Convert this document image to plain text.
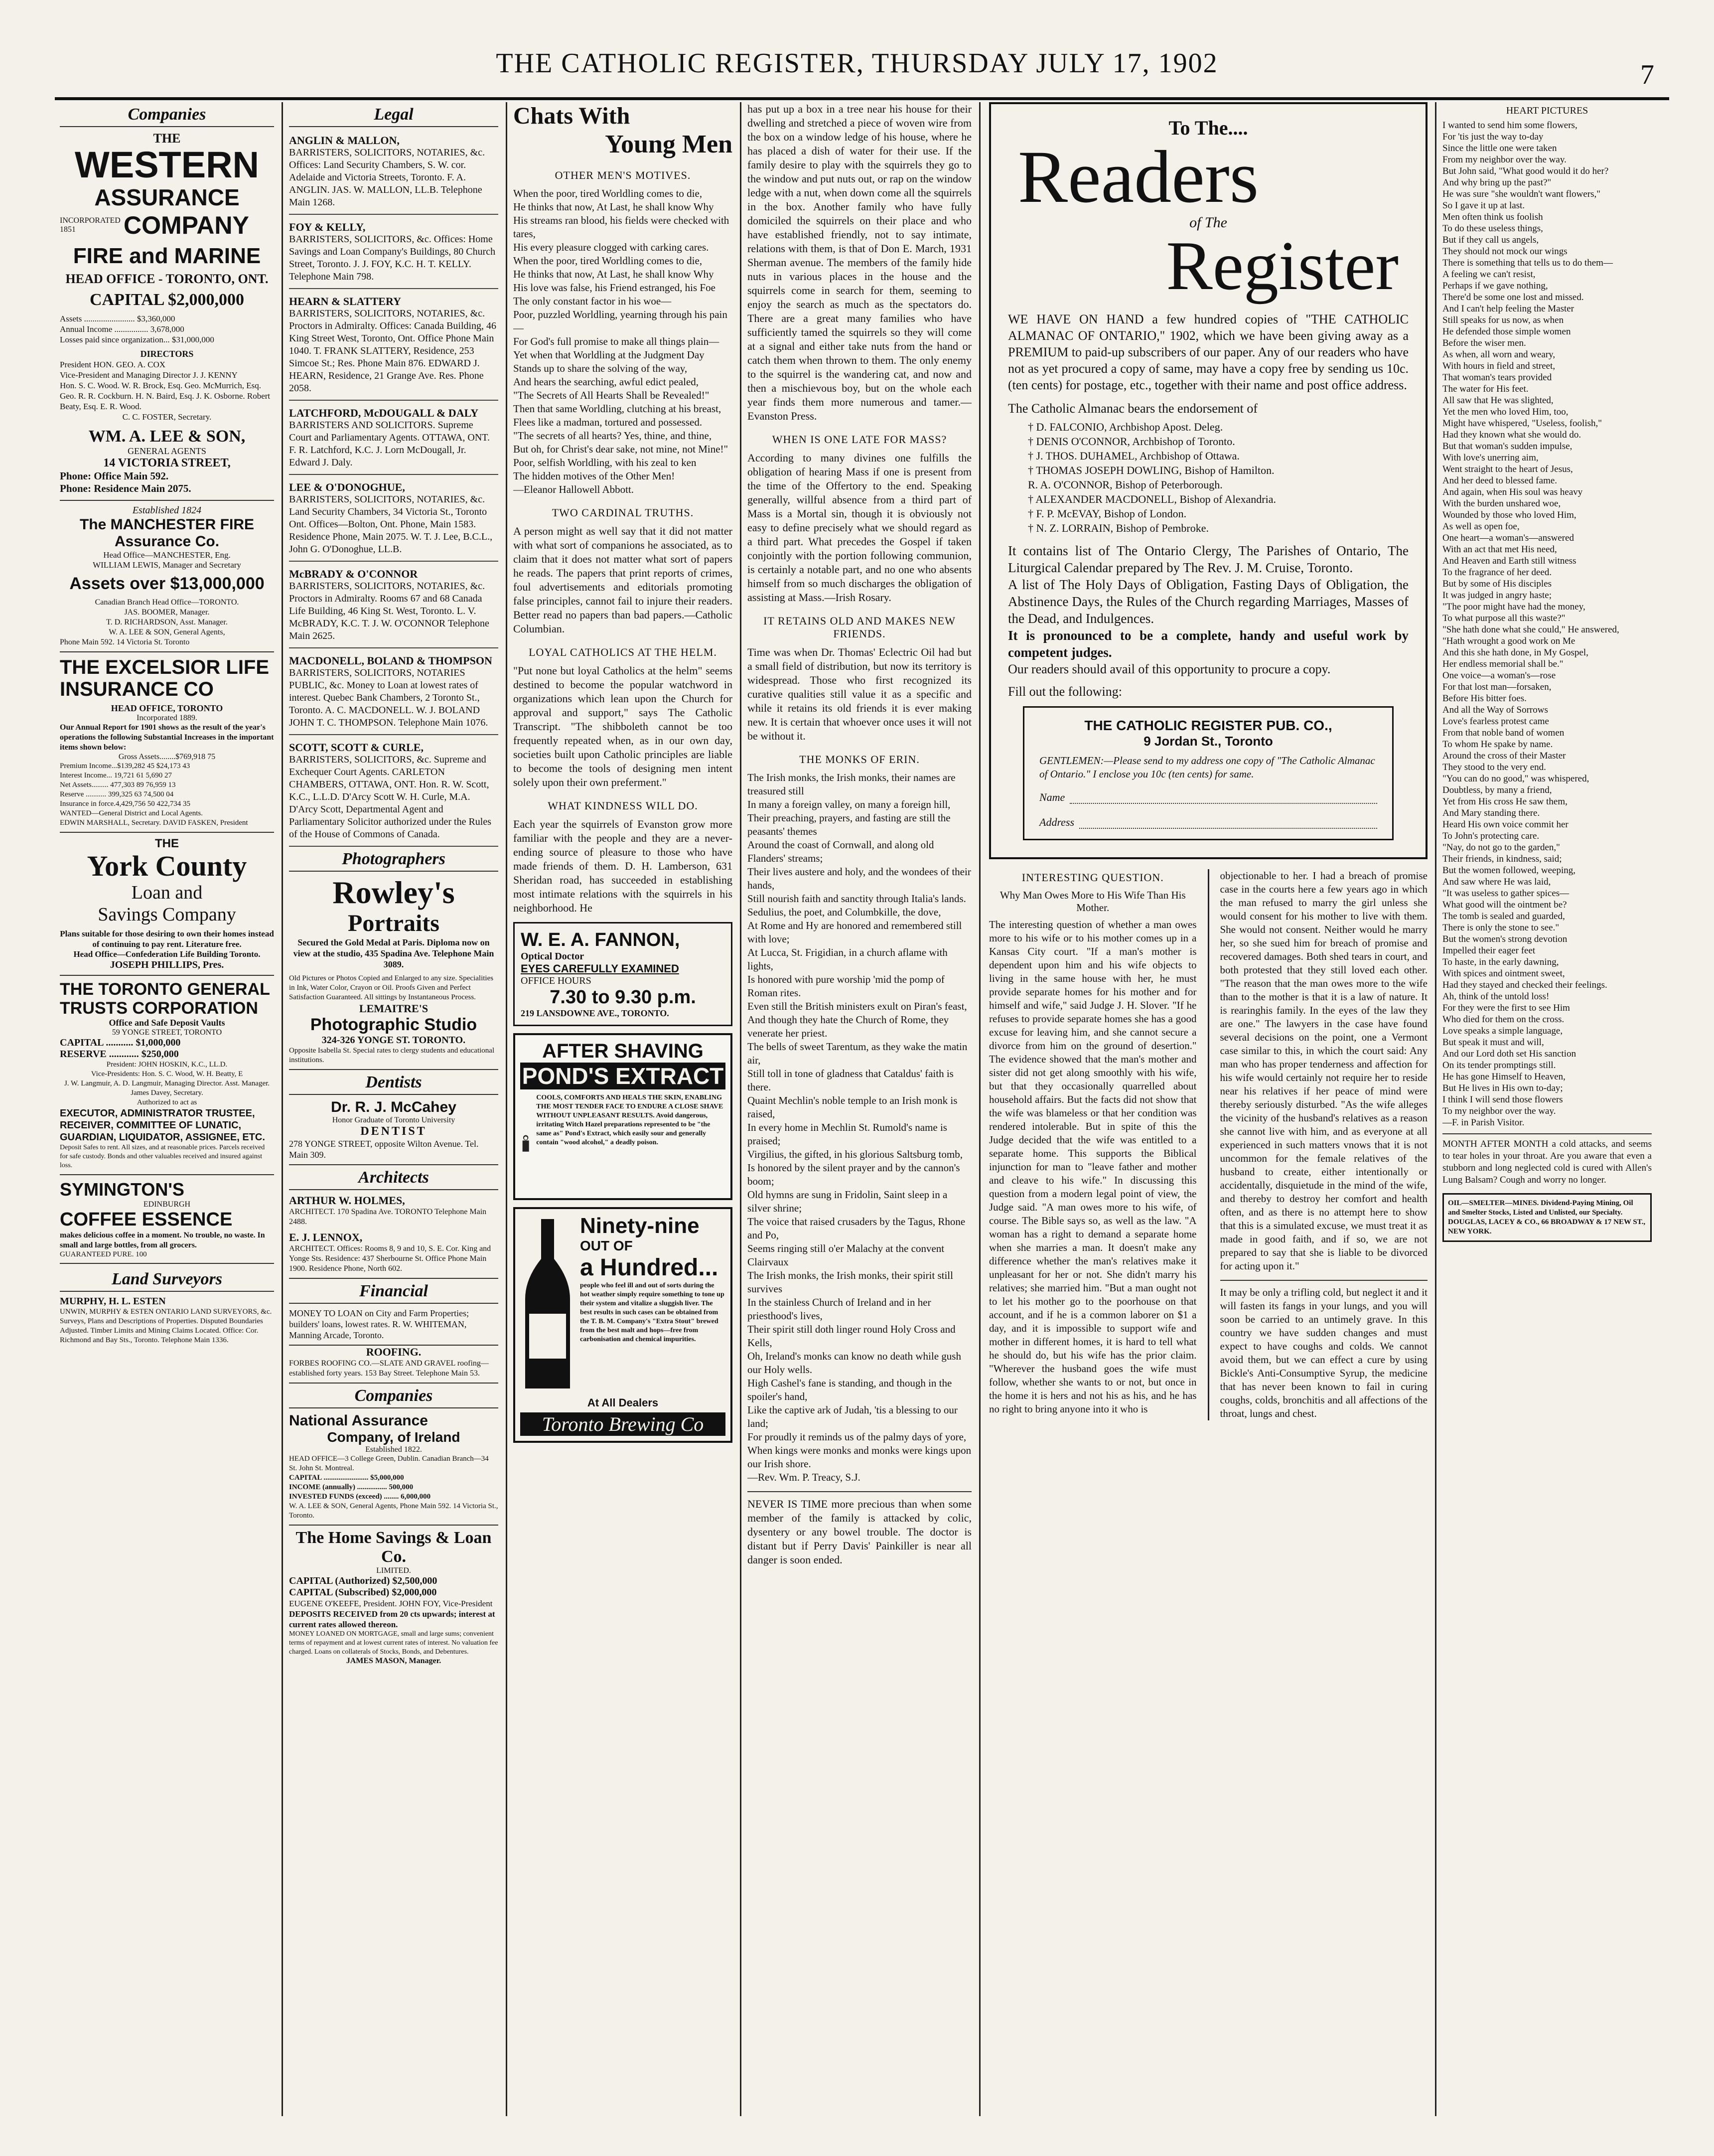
THE CATHOLIC REGISTER, THURSDAY JULY 17, 1902	7
Companies
THE
WESTERN
ASSURANCE
INCORPORATED 1851	COMPANY
FIRE and MARINE
HEAD OFFICE - TORONTO, ONT.
CAPITAL $2,000,000
Assets ........................ $3,360,000
Annual Income ................ 3,678,000
Losses paid since organization... $31,000,000
DIRECTORS
President HON. GEO. A. COX
Vice-President and Managing Director J. J. KENNY
Hon. S. C. Wood. W. R. Brock, Esq. Geo. McMurrich, Esq. Geo. R. R. Cockburn. H. N. Baird, Esq. J. K. Osborne. Robert Beaty, Esq. E. R. Wood.
C. C. FOSTER, Secretary.
WM. A. LEE & SON,
GENERAL AGENTS
14 VICTORIA STREET,
Phone: Office Main 592.
Phone: Residence Main 2075.
Established 1824
The MANCHESTER FIRE Assurance Co.
Head Office—MANCHESTER, Eng.
WILLIAM LEWIS, Manager and Secretary
Assets over $13,000,000
Canadian Branch Head Office—TORONTO.
JAS. BOOMER, Manager.
T. D. RICHARDSON, Asst. Manager.
W. A. LEE & SON, General Agents,
Phone Main 592. 14 Victoria St. Toronto
THE EXCELSIOR LIFE INSURANCE CO
HEAD OFFICE, TORONTO
Incorporated 1889.
Our Annual Report for 1901 shows as the result of the year's operations the following Substantial Increases in the important items shown below:
Gross Assets........$769,918 75
Premium Income...$139,282 45 $24,173 43
Interest Income... 19,721 61 5,690 27
Net Assets......... 477,303 89 76,959 13
Reserve ........... 399,325 63 74,500 04
Insurance in force.4,429,756 50 422,734 35
WANTED—General District and Local Agents.
EDWIN MARSHALL, Secretary. DAVID FASKEN, President
THE
York County
Loan and
Savings Company
Plans suitable for those desiring to own their homes instead of continuing to pay rent. Literature free.
Head Office—Confederation Life Building Toronto.
JOSEPH PHILLIPS, Pres.
THE TORONTO GENERAL TRUSTS CORPORATION
Office and Safe Deposit Vaults
59 YONGE STREET, TORONTO
CAPITAL ........... $1,000,000
RESERVE ............ $250,000
President: JOHN HOSKIN, K.C., LL.D.
Vice-Presidents: Hon. S. C. Wood, W. H. Beatty, E
J. W. Langmuir, A. D. Langmuir, Managing Director. Asst. Manager.
James Davey, Secretary.
Authorized to act as
EXECUTOR, ADMINISTRATOR TRUSTEE, RECEIVER, COMMITTEE OF LUNATIC, GUARDIAN, LIQUIDATOR, ASSIGNEE, ETC.
Deposit Safes to rent. All sizes, and at reasonable prices. Parcels received for safe custody. Bonds and other valuables received and insured against loss.
SYMINGTON'S
EDINBURGH
COFFEE ESSENCE
makes delicious coffee in a moment. No trouble, no waste. In small and large bottles, from all grocers.
GUARANTEED PURE. 100
Land Surveyors
MURPHY, H. L. ESTEN
UNWIN, MURPHY & ESTEN ONTARIO LAND SURVEYORS, &c. Surveys, Plans and Descriptions of Properties. Disputed Boundaries Adjusted. Timber Limits and Mining Claims Located. Office: Cor. Richmond and Bay Sts., Toronto. Telephone Main 1336.
Legal
ANGLIN & MALLON,
BARRISTERS, SOLICITORS, NOTARIES, &c. Offices: Land Security Chambers, S. W. cor. Adelaide and Victoria Streets, Toronto. F. A. ANGLIN. JAS. W. MALLON, LL.B. Telephone Main 1268.
FOY & KELLY,
BARRISTERS, SOLICITORS, &c. Offices: Home Savings and Loan Company's Buildings, 80 Church Street, Toronto. J. J. FOY, K.C. H. T. KELLY. Telephone Main 798.
HEARN & SLATTERY
BARRISTERS, SOLICITORS, NOTARIES, &c. Proctors in Admiralty. Offices: Canada Building, 46 King Street West, Toronto, Ont. Office Phone Main 1040. T. FRANK SLATTERY, Residence, 253 Simcoe St.; Res. Phone Main 876. EDWARD J. HEARN, Residence, 21 Grange Ave. Res. Phone 2058.
LATCHFORD, McDOUGALL & DALY
BARRISTERS AND SOLICITORS. Supreme Court and Parliamentary Agents. OTTAWA, ONT. F. R. Latchford, K.C. J. Lorn McDougall, Jr. Edward J. Daly.
LEE & O'DONOGHUE,
BARRISTERS, SOLICITORS, NOTARIES, &c. Land Security Chambers, 34 Victoria St., Toronto Ont. Offices—Bolton, Ont. Phone, Main 1583. Residence Phone, Main 2075. W. T. J. Lee, B.C.L., John G. O'Donoghue, LL.B.
McBRADY & O'CONNOR
BARRISTERS, SOLICITORS, NOTARIES, &c. Proctors in Admiralty. Rooms 67 and 68 Canada Life Building, 46 King St. West, Toronto. L. V. McBRADY, K.C. T. J. W. O'CONNOR Telephone Main 2625.
MACDONELL, BOLAND & THOMPSON
BARRISTERS, SOLICITORS, NOTARIES PUBLIC, &c. Money to Loan at lowest rates of interest. Quebec Bank Chambers, 2 Toronto St., Toronto. A. C. MACDONELL. W. J. BOLAND JOHN T. C. THOMPSON. Telephone Main 1076.
SCOTT, SCOTT & CURLE,
BARRISTERS, SOLICITORS, &c. Supreme and Exchequer Court Agents. CARLETON CHAMBERS, OTTAWA, ONT. Hon. R. W. Scott, K.C., L.L.D. D'Arcy Scott W. H. Curle, M.A. D'Arcy Scott, Departmental Agent and Parliamentary Solicitor authorized under the Rules of the House of Commons of Canada.
Photographers
Rowley's
Portraits
Secured the Gold Medal at Paris. Diploma now on view at the studio, 435 Spadina Ave. Telephone Main 3089.
Old Pictures or Photos Copied and Enlarged to any size. Specialities in Ink, Water Color, Crayon or Oil. Proofs Given and Perfect Satisfaction Guaranteed. All sittings by Instantaneous Process.
LEMAITRE'S
Photographic Studio
324-326 YONGE ST. TORONTO.
Opposite Isabella St. Special rates to clergy students and educational institutions.
Dentists
Dr. R. J. McCahey
Honor Graduate of Toronto University
DENTIST
278 YONGE STREET, opposite Wilton Avenue. Tel. Main 309.
Architects
ARTHUR W. HOLMES,
ARCHITECT. 170 Spadina Ave. TORONTO Telephone Main 2488.
E. J. LENNOX,
ARCHITECT. Offices: Rooms 8, 9 and 10, S. E. Cor. King and Yonge Sts. Residence: 437 Sherbourne St. Office Phone Main 1900. Residence Phone, North 602.
Financial
MONEY TO LOAN on City and Farm Properties; builders' loans, lowest rates. R. W. WHITEMAN, Manning Arcade, Toronto.
ROOFING.
FORBES ROOFING CO.—SLATE AND GRAVEL roofing—established forty years. 153 Bay Street. Telephone Main 53.
Companies
National Assurance
Company, of Ireland
Established 1822.
HEAD OFFICE—3 College Green, Dublin. Canadian Branch—34 St. John St. Montreal.
CAPITAL ........................ $5,000,000
INCOME (annually) ................ 500,000
INVESTED FUNDS (exceed) ........ 6,000,000
W. A. LEE & SON, General Agents, Phone Main 592. 14 Victoria St., Toronto.
The Home Savings & Loan Co.
LIMITED.
CAPITAL (Authorized) $2,500,000
CAPITAL (Subscribed) $2,000,000
EUGENE O'KEEFE, President. JOHN FOY, Vice-President
DEPOSITS RECEIVED from 20 cts upwards; interest at current rates allowed thereon.
MONEY LOANED ON MORTGAGE, small and large sums; convenient terms of repayment and at lowest current rates of interest. No valuation fee charged. Loans on collaterals of Stocks, Bonds, and Debentures.
JAMES MASON, Manager.
Chats With
Young Men
OTHER MEN'S MOTIVES.
When the poor, tired Worldling comes to die,
He thinks that now, At Last, he shall know Why
His streams ran blood, his fields were checked with tares,
His every pleasure clogged with carking cares.
When the poor, tired Worldling comes to die,
He thinks that now, At Last, he shall know Why
His love was false, his Friend estranged, his Foe
The only constant factor in his woe—
Poor, puzzled Worldling, yearning through his pain—
For God's full promise to make all things plain—
Yet when that Worldling at the Judgment Day
Stands up to share the solving of the way,
And hears the searching, awful edict pealed,
"The Secrets of All Hearts Shall be Revealed!"
Then that same Worldling, clutching at his breast,
Flees like a madman, tortured and possessed.
"The secrets of all hearts? Yes, thine, and thine,
But oh, for Christ's dear sake, not mine, not Mine!"
Poor, selfish Worldling, with his zeal to ken
The hidden motives of the Other Men!
—Eleanor Hallowell Abbott.
TWO CARDINAL TRUTHS.
A person might as well say that it did not matter with what sort of companions he associated, as to claim that it does not matter what sort of papers he reads. The papers that print reports of crimes, foul advertisements and editorials promoting false principles, cannot fail to injure their readers. Better read no papers than bad papers.—Catholic Columbian.
LOYAL CATHOLICS AT THE HELM.
"Put none but loyal Catholics at the helm" seems destined to become the popular watchword in organizations which lean upon the Church for approval and support," says The Catholic Transcript. "The shibboleth cannot be too frequently repeated when, as in our own day, societies built upon Catholic principles are liable to become the tools of designing men intent solely upon their own preferment."
WHAT KINDNESS WILL DO.
Each year the squirrels of Evanston grow more familiar with the people and they are a never-ending source of pleasure to those who have made friends of them. D. H. Lamberson, 631 Sheridan road, has succeeded in establishing most intimate relations with the squirrels in his neighborhood. He
W. E. A. FANNON,
Optical Doctor
EYES CAREFULLY EXAMINED
OFFICE HOURS
7.30 to 9.30 p.m.
219 LANSDOWNE AVE., TORONTO.
AFTER SHAVING
POND'S EXTRACT
COOLS, COMFORTS AND HEALS THE SKIN, ENABLING THE MOST TENDER FACE TO ENDURE A CLOSE SHAVE WITHOUT UNPLEASANT RESULTS. Avoid dangerous, irritating Witch Hazel preparations represented to be "the same as" Pond's Extract, which easily sour and generally contain "wood alcohol," a deadly poison.
Ninety-nine
OUT OF
a Hundred...
people who feel ill and out of sorts during the hot weather simply require something to tone up their system and vitalize a sluggish liver. The best results in such cases can be obtained from the T. B. M. Company's "Extra Stout" brewed from the best malt and hops—free from carbonisation and chemical impurities.
At All Dealers
Toronto Brewing Co
has put up a box in a tree near his house for their dwelling and stretched a piece of woven wire from the box on a window ledge of his house, where he has placed a dish of water for their use. If the family desire to play with the squirrels they go to the window and put nuts out, or rap on the window ledge with a nut, when down come all the squirrels in the box. Another family who have fully domiciled the squirrels on their place and who have established friendly, not to say intimate, relations with them, is that of Don E. March, 1931 Sherman avenue. The members of the family hide nuts in various places in the house and the squirrels come in search for them, seeming to enjoy the search as much as the spectators do. There are a great many families who have sufficiently tamed the squirrels so they will come at a signal and either take nuts from the hand or catch them when thrown to them. The only enemy to the squirrel is the wandering cat, and now and then a mischievous boy, but on the whole each year finds them more numerous and tamer.—Evanston Press.
WHEN IS ONE LATE FOR MASS?
According to many divines one fulfills the obligation of hearing Mass if one is present from the time of the Offertory to the end. Speaking generally, willful absence from a third part of Mass is a Mortal sin, though it is obviously not easy to define precisely what we should regard as a third part. What precedes the Gospel if taken conjointly with the portion following communion, is certainly a notable part, and no one who absents himself from so much discharges the obligation of assisting at Mass.—Irish Rosary.
IT RETAINS OLD AND MAKES NEW FRIENDS.
Time was when Dr. Thomas' Eclectric Oil had but a small field of distribution, but now its territory is widespread. Those who first recognized its curative qualities still value it as a specific and while it retains its old friends it is ever making new. It is certain that whoever once uses it will not be without it.
THE MONKS OF ERIN.
The Irish monks, the Irish monks, their names are treasured still
In many a foreign valley, on many a foreign hill,
Their preaching, prayers, and fasting are still the peasants' themes
Around the coast of Cornwall, and along old Flanders' streams;
Their lives austere and holy, and the wondees of their hands,
Still nourish faith and sanctity through Italia's lands.
Sedulius, the poet, and Columbkille, the dove,
At Rome and Hy are honored and remembered still with love;
At Lucca, St. Frigidian, in a church aflame with lights,
Is honored with pure worship 'mid the pomp of Roman rites.
Even still the British ministers exult on Piran's feast,
And though they hate the Church of Rome, they venerate her priest.
The bells of sweet Tarentum, as they wake the matin air,
Still toll in tone of gladness that Cataldus' faith is there.
Quaint Mechlin's noble temple to an Irish monk is raised,
In every home in Mechlin St. Rumold's name is praised;
Virgilius, the gifted, in his glorious Saltsburg tomb,
Is honored by the silent prayer and by the cannon's boom;
Old hymns are sung in Fridolin, Saint sleep in a silver shrine;
The voice that raised crusaders by the Tagus, Rhone and Po,
Seems ringing still o'er Malachy at the convent Clairvaux
The Irish monks, the Irish monks, their spirit still survives
In the stainless Church of Ireland and in her priesthood's lives,
Their spirit still doth linger round Holy Cross and Kells,
Oh, Ireland's monks can know no death while gush our Holy wells.
High Cashel's fane is standing, and though in the spoiler's hand,
Like the captive ark of Judah, 'tis a blessing to our land;
For proudly it reminds us of the palmy days of yore,
When kings were monks and monks were kings upon our Irish shore.
—Rev. Wm. P. Treacy, S.J.
NEVER IS TIME more precious than when some member of the family is attacked by colic, dysentery or any bowel trouble. The doctor is distant but if Perry Davis' Painkiller is near all danger is soon ended.
To The....
Readers
of The
Register
WE HAVE ON HAND a few hundred copies of "THE CATHOLIC ALMANAC OF ONTARIO," 1902, which we have been giving away as a PREMIUM to paid-up subscribers of our paper. Any of our readers who have not as yet procured a copy of same, may have a copy free by sending us 10c. (ten cents) for postage, etc., together with their name and post office address.
The Catholic Almanac bears the endorsement of
† D. FALCONIO, Archbishop Apost. Deleg.
† DENIS O'CONNOR, Archbishop of Toronto.
† J. THOS. DUHAMEL, Archbishop of Ottawa.
† THOMAS JOSEPH DOWLING, Bishop of Hamilton.
R. A. O'CONNOR, Bishop of Peterborough.
† ALEXANDER MACDONELL, Bishop of Alexandria.
† F. P. McEVAY, Bishop of London.
† N. Z. LORRAIN, Bishop of Pembroke.
It contains list of The Ontario Clergy, The Parishes of Ontario, The Liturgical Calendar prepared by The Rev. J. M. Cruise, Toronto.
A list of The Holy Days of Obligation, Fasting Days of Obligation, the Abstinence Days, the Rules of the Church regarding Marriages, Masses of the Dead, and Indulgences.
It is pronounced to be a complete, handy and useful work by competent judges.
Our readers should avail of this opportunity to procure a copy.
Fill out the following:
THE CATHOLIC REGISTER PUB. CO.,
9 Jordan St., Toronto
GENTLEMEN:—Please send to my address one copy of "The Catholic Almanac of Ontario." I enclose you 10c (ten cents) for same.
Name
Address
INTERESTING QUESTION.
Why Man Owes More to His Wife Than His Mother.
The interesting question of whether a man owes more to his wife or to his mother comes up in a Kansas City court. "If a man's mother is dependent upon him and his wife objects to living in the same house with her, he must provide separate homes for his mother and for himself and wife," said Judge J. H. Slover. "If he refuses to provide separate homes she has a good excuse for leaving him, and she cannot secure a divorce from him on the ground of desertion." The evidence showed that the man's mother and sister did not get along smoothly with his wife, but that they occasionally quarrelled about household affairs. But the facts did not show that the wife was blameless or that her condition was rendered intolerable. But in spite of this the Judge decided that the wife was entitled to a separate home. This supports the Biblical injunction for man to "leave father and mother and cleave to his wife." In discussing this question from a modern legal point of view, the Judge said. "A man owes more to his wife, of course. The Bible says so, as well as the law. "A woman has a right to demand a separate home when she marries a man. It doesn't make any difference whether the man's relatives make it unpleasant for her or not. She didn't marry his relatives; she married him. "But a man ought not to let his mother go to the poorhouse on that account, and if he is a common laborer on $1 a day, and it is impossible to support wife and mother in different homes, it is hard to tell what he should do, but his wife has the prior claim. "Wherever the husband goes the wife must follow, whether she wants to or not, but once in the home it is hers and not his as his, and he has no right to bring anyone into it who is
objectionable to her. I had a breach of promise case in the courts here a few years ago in which the man refused to marry the girl unless she would consent for his mother to live with them. She would not consent. Neither would he marry her, so she sued him for breach of promise and recovered damages. Both shed tears in court, and both protested that they still loved each other. "The reason that the man owes more to the wife than to the mother is that it is a law of nature. It is rearinghis family. In the eyes of the law they are one." The lawyers in the case have found several decisions on the point, one a Vermont case similar to this, in which the court said: Any man who has proper tenderness and affection for his wife would certainly not require her to reside near his relatives if her peace of mind were thereby seriously disturbed. "As the wife alleges the vicinity of the husband's relatives as a reason she cannot live with him, and as everyone at all experienced in such matters vnows that it is not uncommon for the female relatives of the husband to create, either intentionally or accidentally, disquietude in the mind of the wife, and thereby to destroy her comfort and health often, and as there is no attempt here to show that this is a simulated excuse, we must treat it as made in good faith, and if so, we are not prepared to say that she is liable to be divorced for acting upon it."
It may be only a trifling cold, but neglect it and it will fasten its fangs in your lungs, and you will soon be carried to an untimely grave. In this country we have sudden changes and must expect to have coughs and colds. We cannot avoid them, but we can effect a cure by using Bickle's Anti-Consumptive Syrup, the medicine that has never been known to fail in curing coughs, colds, bronchitis and all affections of the throat, lungs and chest.
HEART PICTURES
I wanted to send him some flowers,
For 'tis just the way to-day
Since the little one were taken
From my neighbor over the way.
But John said, "What good would it do her?
And why bring up the past?"
He was sure "she wouldn't want flowers,"
So I gave it up at last.
Men often think us foolish
To do these useless things,
But if they call us angels,
They should not mock our wings
There is something that tells us to do them—
A feeling we can't resist,
Perhaps if we gave nothing,
There'd be some one lost and missed.
And I can't help feeling the Master
Still speaks for us now, as when
He defended those simple women
Before the wiser men.
As when, all worn and weary,
With hours in field and street,
That woman's tears provided
The water for His feet.
All saw that He was slighted,
Yet the men who loved Him, too,
Might have whispered, "Useless, foolish,"
Had they known what she would do.
But that woman's sudden impulse,
With love's unerring aim,
Went straight to the heart of Jesus,
And her deed to blessed fame.
And again, when His soul was heavy
With the burden unshared woe,
Wounded by those who loved Him,
As well as open foe,
One heart—a woman's—answered
With an act that met His need,
And Heaven and Earth still witness
To the fragrance of her deed.
But by some of His disciples
It was judged in angry haste;
"The poor might have had the money,
To what purpose all this waste?"
"She hath done what she could," He answered,
"Hath wrought a good work on Me
And this she hath done, in My Gospel,
Her endless memorial shall be."
One voice—a woman's—rose
For that lost man—forsaken,
Before His bitter foes.
And all the Way of Sorrows
Love's fearless protest came
From that noble band of women
To whom He spake by name.
Around the cross of their Master
They stood to the very end.
"You can do no good," was whispered,
Doubtless, by many a friend,
Yet from His cross He saw them,
And Mary standing there.
Heard His own voice commit her
To John's protecting care.
"Nay, do not go to the garden,"
Their friends, in kindness, said;
But the women followed, weeping,
And saw where He was laid,
"It was useless to gather spices—
What good will the ointment be?
The tomb is sealed and guarded,
There is only the stone to see."
But the women's strong devotion
Impelled their eager feet
To haste, in the early dawning,
With spices and ointment sweet,
Had they stayed and checked their feelings.
Ah, think of the untold loss!
For they were the first to see Him
Who died for them on the cross.
Love speaks a simple language,
But speak it must and will,
And our Lord doth set His sanction
On its tender promptings still.
He has gone Himself to Heaven,
But He lives in His own to-day;
I think I will send those flowers
To my neighbor over the way.
—F. in Parish Visitor.
MONTH AFTER MONTH a cold attacks, and seems to tear holes in your throat. Are you aware that even a stubborn and long neglected cold is cured with Allen's Lung Balsam? Cough and worry no longer.
OIL—SMELTER—MINES. Dividend-Paying Mining, Oil and Smelter Stocks, Listed and Unlisted, our Specialty. DOUGLAS, LACEY & CO., 66 BROADWAY & 17 NEW ST., NEW YORK.
